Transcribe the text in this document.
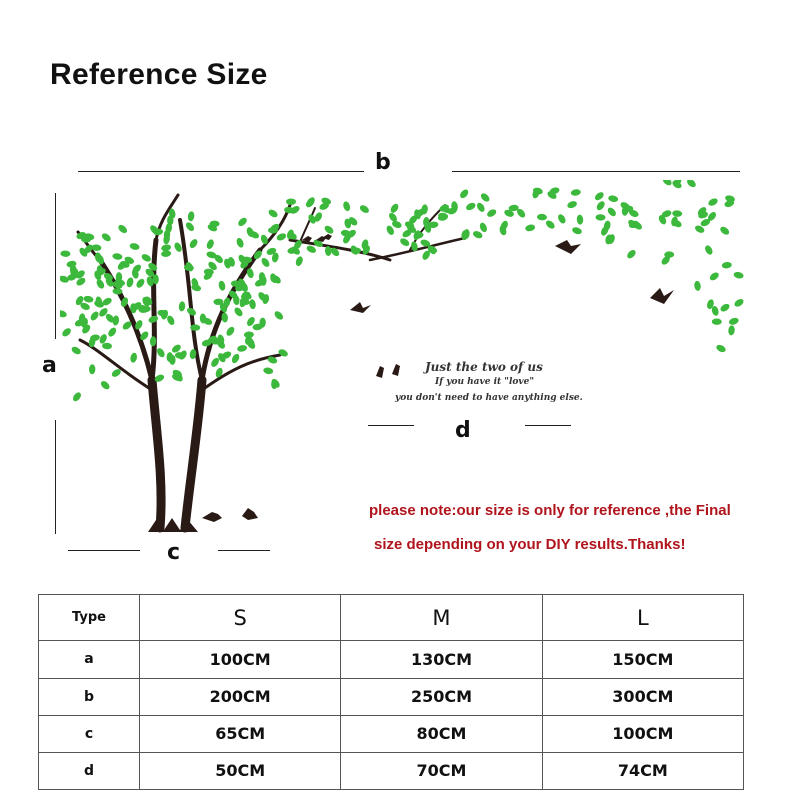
Reference Size
b
a
c
d
Just the two of us
If you have it "love"
you don't need to have anything else.
please note:our size is only for reference ,the Final
size depending on your DIY results.Thanks!
Type	S	M	L
a	100CM	130CM	150CM
b	200CM	250CM	300CM
c	65CM	80CM	100CM
d	50CM	70CM	74CM
